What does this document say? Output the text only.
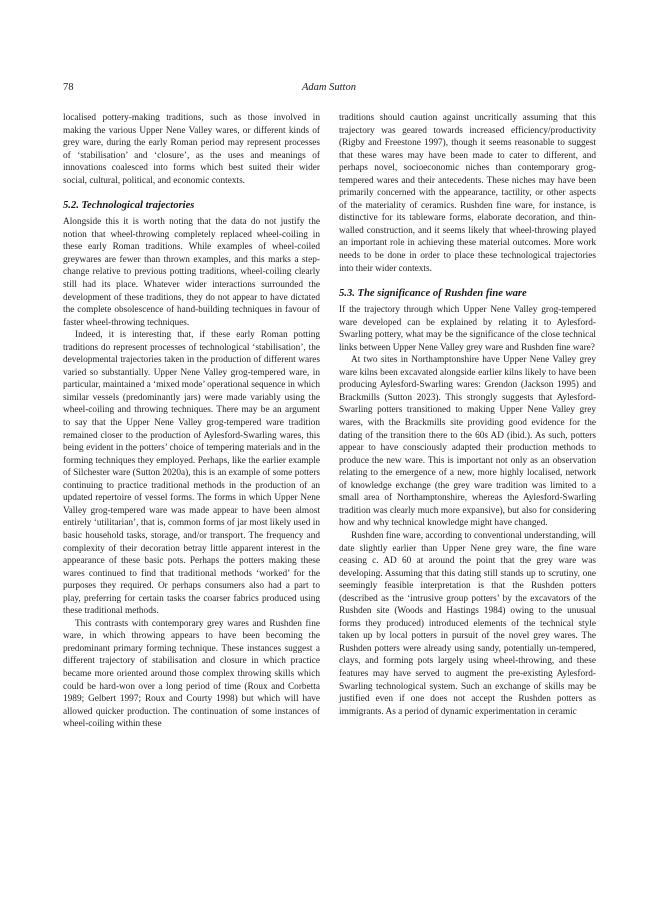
78	Adam Sutton

localised pottery-making traditions, such as those involved in making the various Upper Nene Valley wares, or different kinds of grey ware, during the early Roman period may represent processes of ‘stabilisation’ and ‘closure’, as the uses and meanings of innovations coalesced into forms which best suited their wider social, cultural, political, and economic contexts.

5.2. Technological trajectories

Alongside this it is worth noting that the data do not justify the notion that wheel-throwing completely replaced wheel-coiling in these early Roman traditions. While examples of wheel-coiled greywares are fewer than thrown examples, and this marks a step-change relative to previous potting traditions, wheel-coiling clearly still had its place. Whatever wider interactions surrounded the development of these traditions, they do not appear to have dictated the complete obsolescence of hand-building techniques in favour of faster wheel-throwing techniques.

Indeed, it is interesting that, if these early Roman potting traditions do represent processes of technological ‘stabilisation’, the developmental trajectories taken in the production of different wares varied so substantially. Upper Nene Valley grog-tempered ware, in particular, maintained a ‘mixed mode’ operational sequence in which similar vessels (predominantly jars) were made variably using the wheel-coiling and throwing techniques. There may be an argument to say that the Upper Nene Valley grog-tempered ware tradition remained closer to the production of Aylesford-Swarling wares, this being evident in the potters’ choice of tempering materials and in the forming techniques they employed. Perhaps, like the earlier example of Silchester ware (Sutton 2020a), this is an example of some potters continuing to practice traditional methods in the production of an updated repertoire of vessel forms. The forms in which Upper Nene Valley grog-tempered ware was made appear to have been almost entirely ‘utilitarian’, that is, common forms of jar most likely used in basic household tasks, storage, and/or transport. The frequency and complexity of their decoration betray little apparent interest in the appearance of these basic pots. Perhaps the potters making these wares continued to find that traditional methods ‘worked’ for the purposes they required. Or perhaps consumers also had a part to play, preferring for certain tasks the coarser fabrics produced using these traditional methods.

This contrasts with contemporary grey wares and Rushden fine ware, in which throwing appears to have been becoming the predominant primary forming technique. These instances suggest a different trajectory of stabilisation and closure in which practice became more oriented around those complex throwing skills which could be hard-won over a long period of time (Roux and Corbetta 1989; Gelbert 1997; Roux and Courty 1998) but which will have allowed quicker production. The continuation of some instances of wheel-coiling within these

traditions should caution against uncritically assuming that this trajectory was geared towards increased efficiency/productivity (Rigby and Freestone 1997), though it seems reasonable to suggest that these wares may have been made to cater to different, and perhaps novel, socioeconomic niches than contemporary grog-tempered wares and their antecedents. These niches may have been primarily concerned with the appearance, tactility, or other aspects of the materiality of ceramics. Rushden fine ware, for instance, is distinctive for its tableware forms, elaborate decoration, and thin-walled construction, and it seems likely that wheel-throwing played an important role in achieving these material outcomes. More work needs to be done in order to place these technological trajectories into their wider contexts.

5.3. The significance of Rushden fine ware

If the trajectory through which Upper Nene Valley grog-tempered ware developed can be explained by relating it to Aylesford-Swarling pottery, what may be the significance of the close technical links between Upper Nene Valley grey ware and Rushden fine ware?

At two sites in Northamptonshire have Upper Nene Valley grey ware kilns been excavated alongside earlier kilns likely to have been producing Aylesford-Swarling wares: Grendon (Jackson 1995) and Brackmills (Sutton 2023). This strongly suggests that Aylesford-Swarling potters transitioned to making Upper Nene Valley grey wares, with the Brackmills site providing good evidence for the dating of the transition there to the 60s AD (ibid.). As such, potters appear to have consciously adapted their production methods to produce the new ware. This is important not only as an observation relating to the emergence of a new, more highly localised, network of knowledge exchange (the grey ware tradition was limited to a small area of Northamptonshire, whereas the Aylesford-Swarling tradition was clearly much more expansive), but also for considering how and why technical knowledge might have changed.

Rushden fine ware, according to conventional understanding, will date slightly earlier than Upper Nene grey ware, the fine ware ceasing c. AD 60 at around the point that the grey ware was developing. Assuming that this dating still stands up to scrutiny, one seemingly feasible interpretation is that the Rushden potters (described as the ‘intrusive group potters’ by the excavators of the Rushden site (Woods and Hastings 1984) owing to the unusual forms they produced) introduced elements of the technical style taken up by local potters in pursuit of the novel grey wares. The Rushden potters were already using sandy, potentially un-tempered, clays, and forming pots largely using wheel-throwing, and these features may have served to augment the pre-existing Aylesford-Swarling technological system. Such an exchange of skills may be justified even if one does not accept the Rushden potters as immigrants. As a period of dynamic experimentation in ceramic
